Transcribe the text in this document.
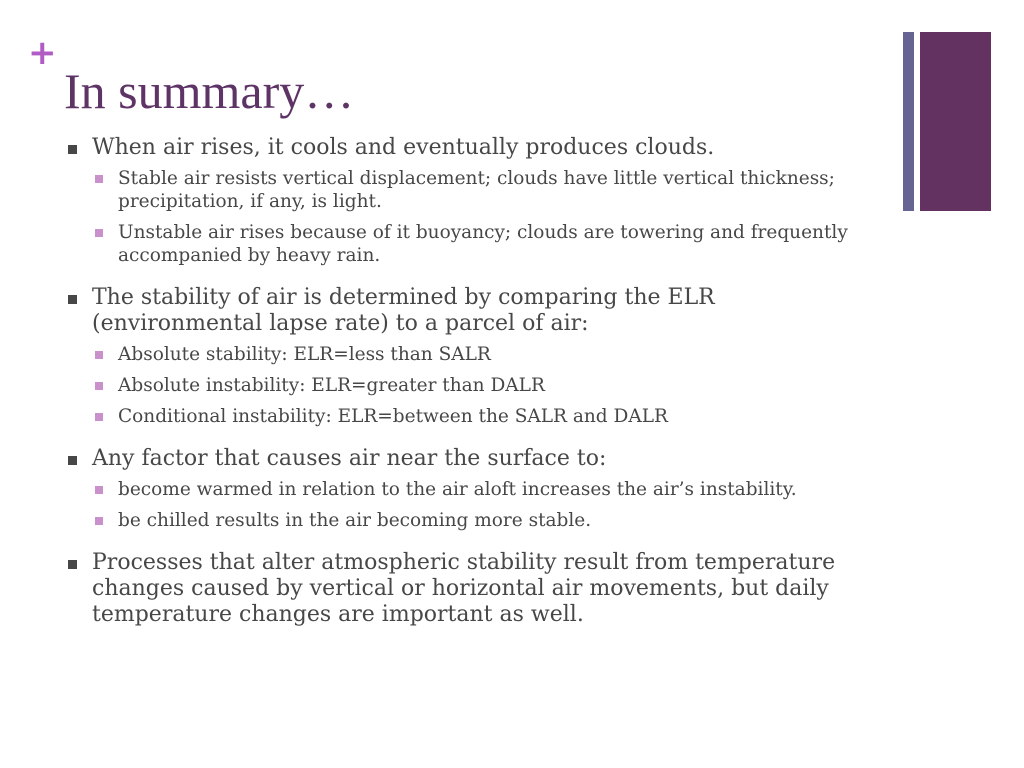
+
In summary…
When air rises, it cools and eventually produces clouds.
Stable air resists vertical displacement; clouds have little vertical thickness; precipitation, if any, is light.
Unstable air rises because of it buoyancy; clouds are towering and frequently accompanied by heavy rain.
The stability of air is determined by comparing the ELR (environmental lapse rate) to a parcel of air:
Absolute stability: ELR=less than SALR
Absolute instability: ELR=greater than DALR
Conditional instability: ELR=between the SALR and DALR
Any factor that causes air near the surface to:
become warmed in relation to the air aloft increases the air’s instability.
be chilled results in the air becoming more stable.
Processes that alter atmospheric stability result from temperature changes caused by vertical or horizontal air movements, but daily temperature changes are important as well.
